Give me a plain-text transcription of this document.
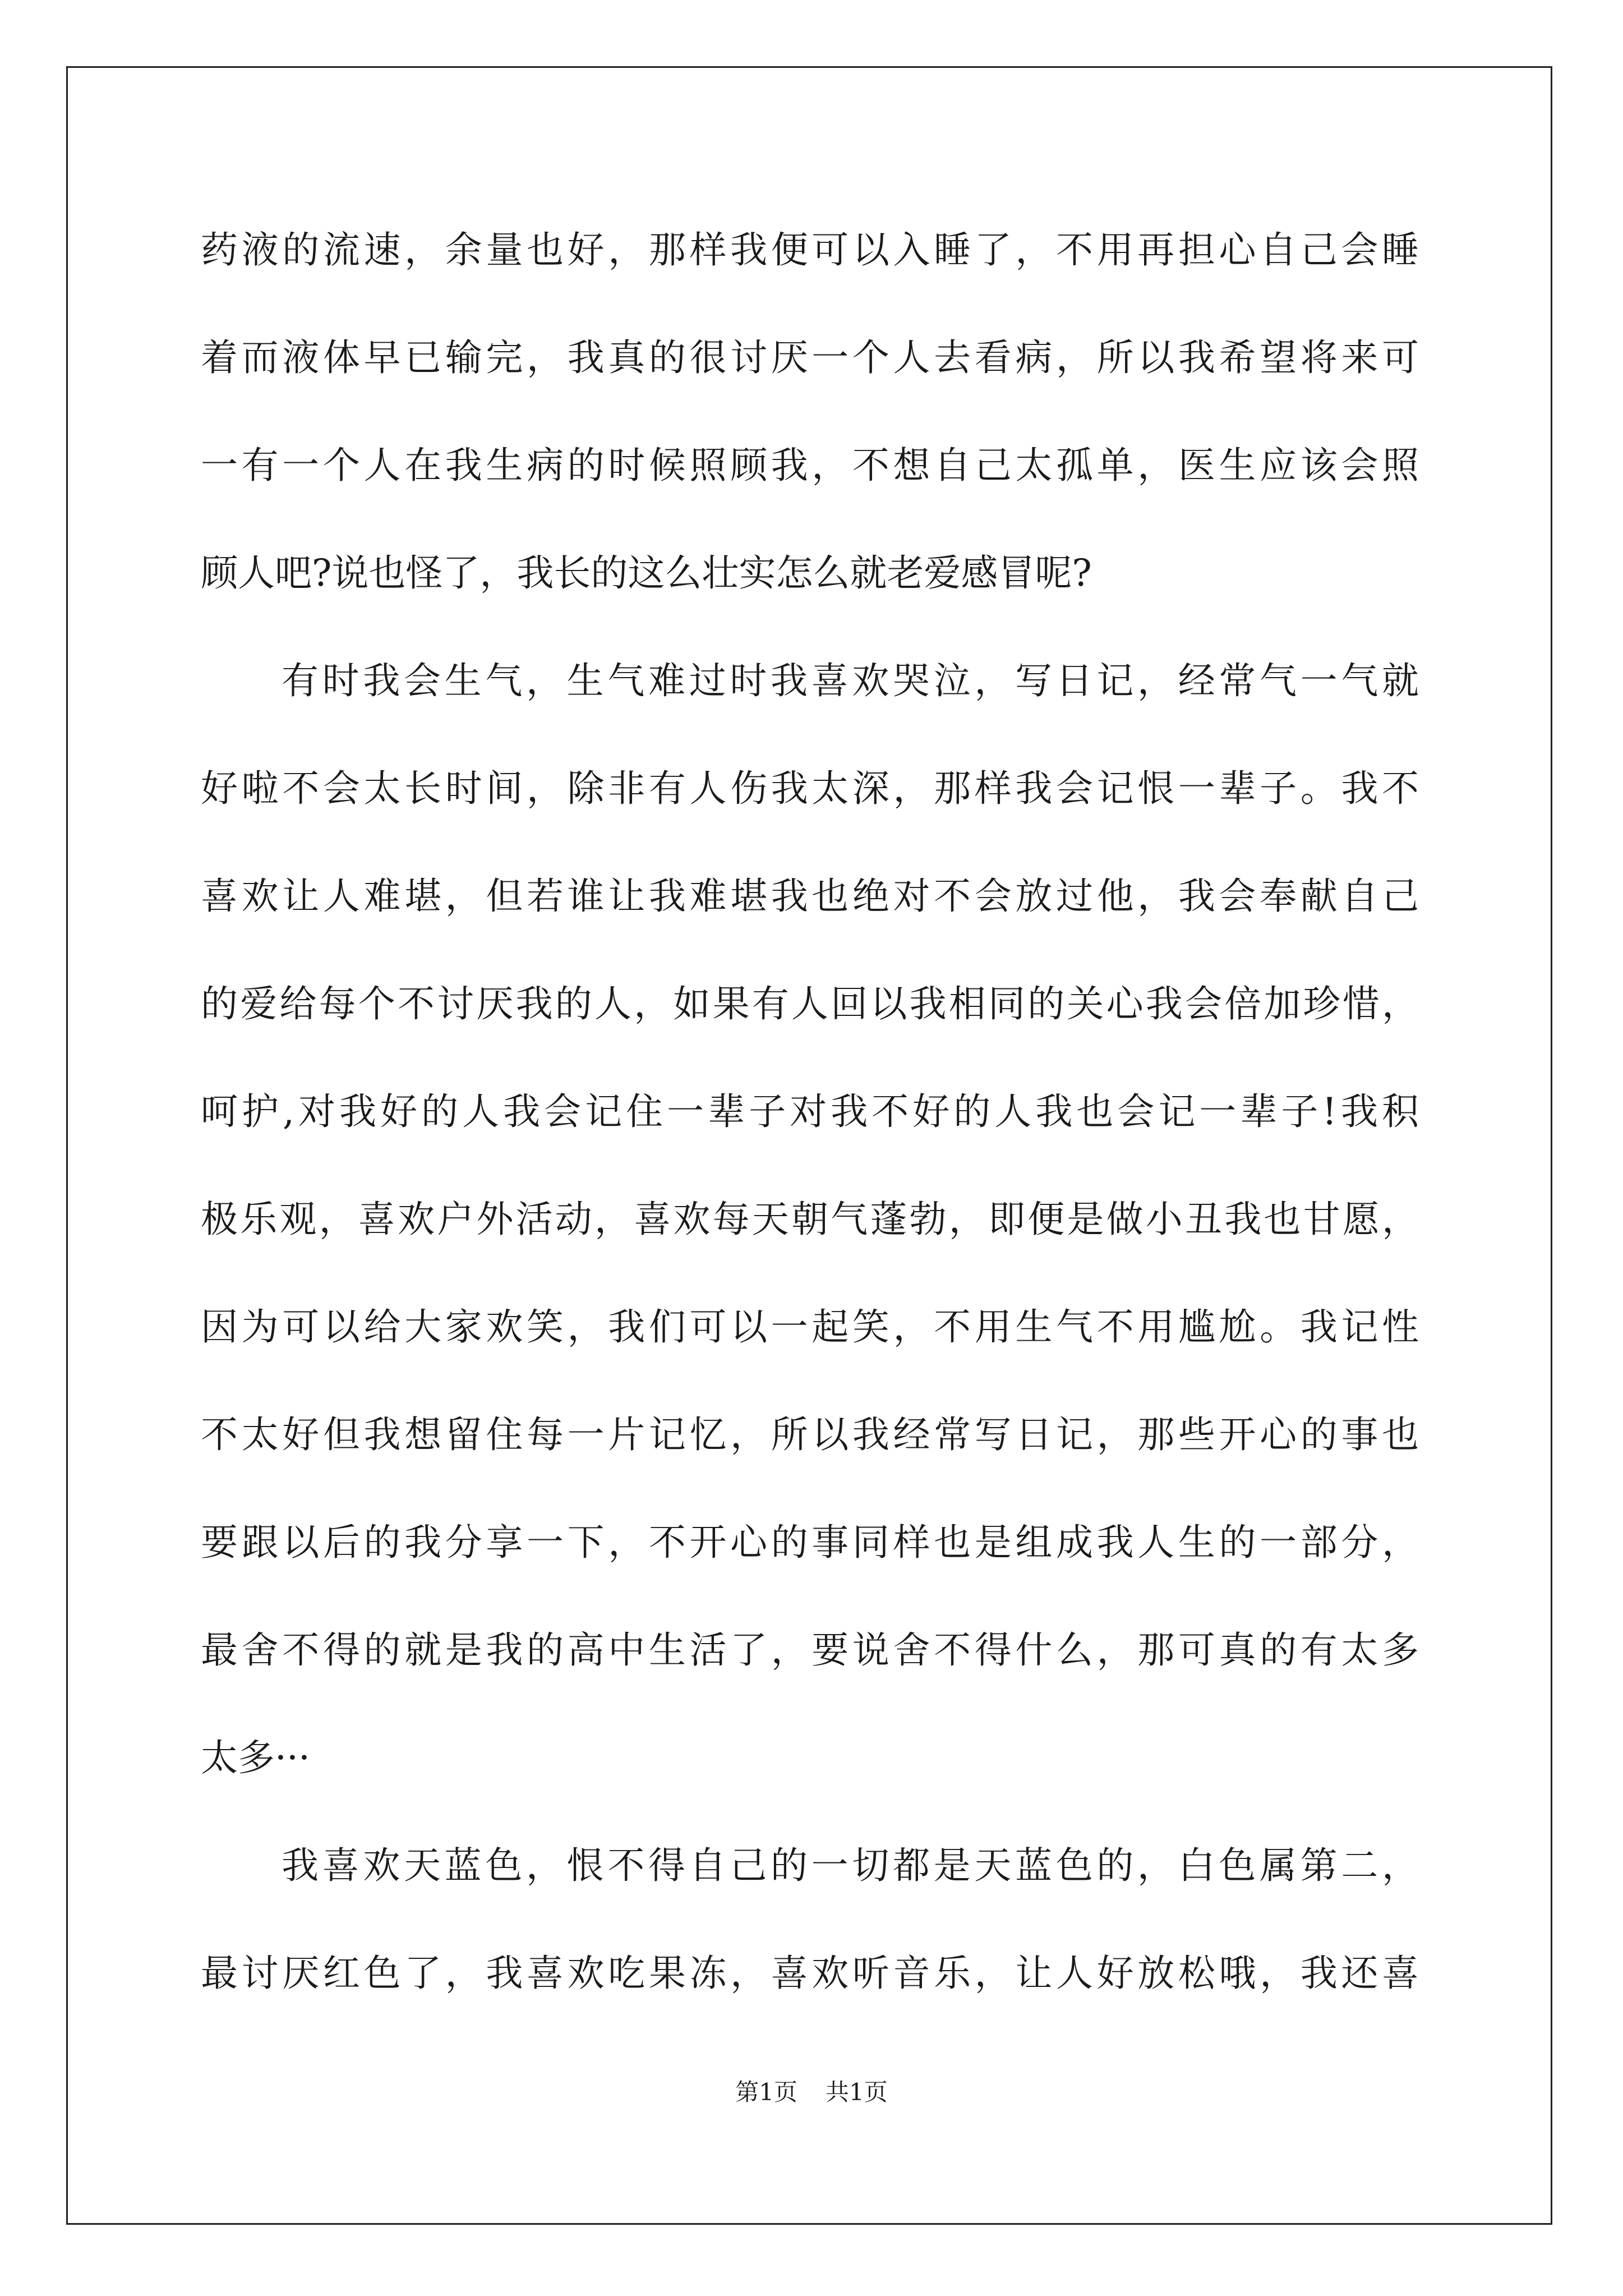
药液的流速，余量也好，那样我便可以入睡了，不用再担心自己会睡
着而液体早已输完，我真的很讨厌一个人去看病，所以我希望将来可
一有一个人在我生病的时候照顾我，不想自己太孤单，医生应该会照
顾人吧?说也怪了，我长的这么壮实怎么就老爱感冒呢?
有时我会生气，生气难过时我喜欢哭泣，写日记，经常气一气就
好啦不会太长时间，除非有人伤我太深，那样我会记恨一辈子。我不
喜欢让人难堪，但若谁让我难堪我也绝对不会放过他，我会奉献自己
的爱给每个不讨厌我的人，如果有人回以我相同的关心我会倍加珍惜，
呵护,对我好的人我会记住一辈子对我不好的人我也会记一辈子!我积
极乐观，喜欢户外活动，喜欢每天朝气蓬勃，即便是做小丑我也甘愿，
因为可以给大家欢笑，我们可以一起笑，不用生气不用尴尬。我记性
不太好但我想留住每一片记忆，所以我经常写日记，那些开心的事也
要跟以后的我分享一下，不开心的事同样也是组成我人生的一部分，
最舍不得的就是我的高中生活了，要说舍不得什么，那可真的有太多
太多···
我喜欢天蓝色，恨不得自己的一切都是天蓝色的，白色属第二，
最讨厌红色了，我喜欢吃果冻，喜欢听音乐，让人好放松哦，我还喜
第1页 共1页
